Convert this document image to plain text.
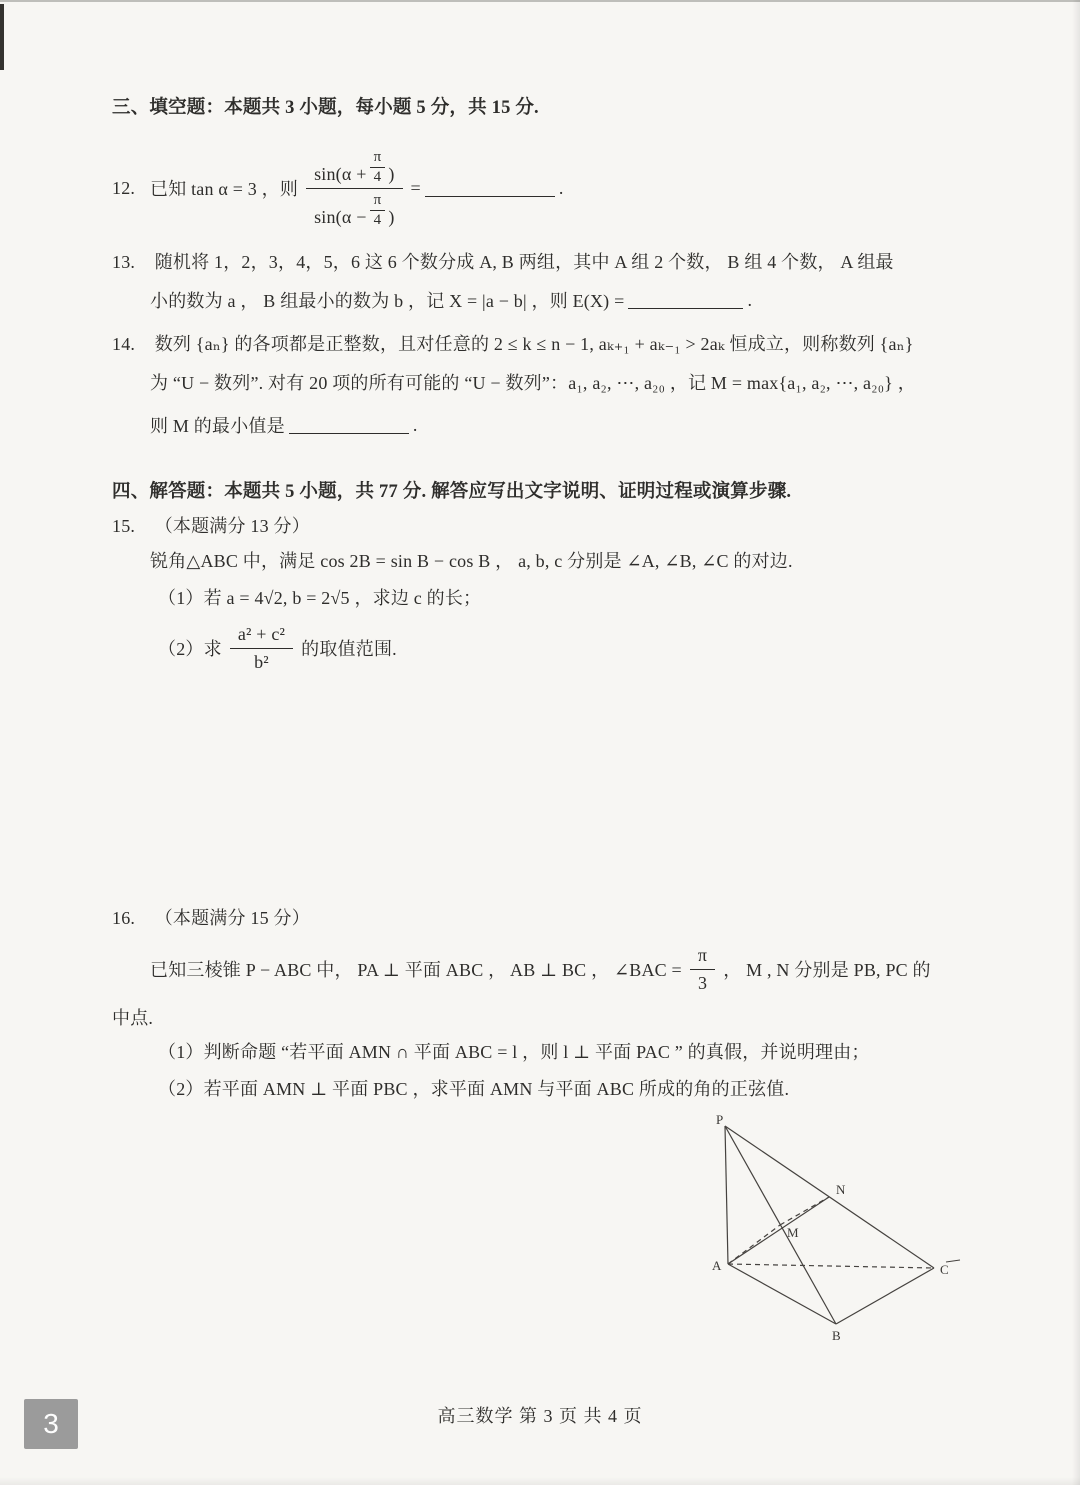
三、填空题：本题共 3 小题，每小题 5 分，共 15 分.
12. 已知 tan α = 3 ，则 $\frac{\sin(\alpha + \frac{\pi}{4} )}{\sin(\alpha - \frac{\pi}{4} )}$ =	.
13. 随机将 1，2，3，4，5，6 这 6 个数分成 A, B 两组，其中 A 组 2 个数， B 组 4 个数， A 组最
小的数为 a ， B 组最小的数为 b ，记 X = |a − b| ，则 E(X) =	.
14. 数列 {aₙ} 的各项都是正整数，且对任意的 2 ≤ k ≤ n − 1, aₖ₊₁ + aₖ₋₁ > 2aₖ 恒成立，则称数列 {aₙ}
为 “U − 数列”. 对有 20 项的所有可能的 “U − 数列”：a₁, a₂, ⋯, a₂₀ ，记 M = max{a₁, a₂, ⋯, a₂₀} ，
则 M 的最小值是	.
四、解答题：本题共 5 小题，共 77 分. 解答应写出文字说明、证明过程或演算步骤.
15. （本题满分 13 分）
锐角△ABC 中，满足 cos 2B = sin B − cos B ， a, b, c 分别是 ∠A, ∠B, ∠C 的对边.
（1）若 a = 4√2, b = 2√5 ，求边 c 的长；
（2）求 $\frac{\text{a² + c²}}{\text{b²}}$ 的取值范围.
16. （本题满分 15 分）
已知三棱锥 P − ABC 中， PA ⊥ 平面 ABC ， AB ⊥ BC ， ∠BAC = $\frac{\pi}{3}$ ， M , N 分别是 PB, PC 的
中点.
（1）判断命题 “若平面 AMN ∩ 平面 ABC = l ，则 l ⊥ 平面 PAC ” 的真假，并说明理由；
（2）若平面 AMN ⊥ 平面 PBC ，求平面 AMN 与平面 ABC 所成的角的正弦值.
P
N
M
A	C
B
高三数学 第 3 页 共 4 页
3
